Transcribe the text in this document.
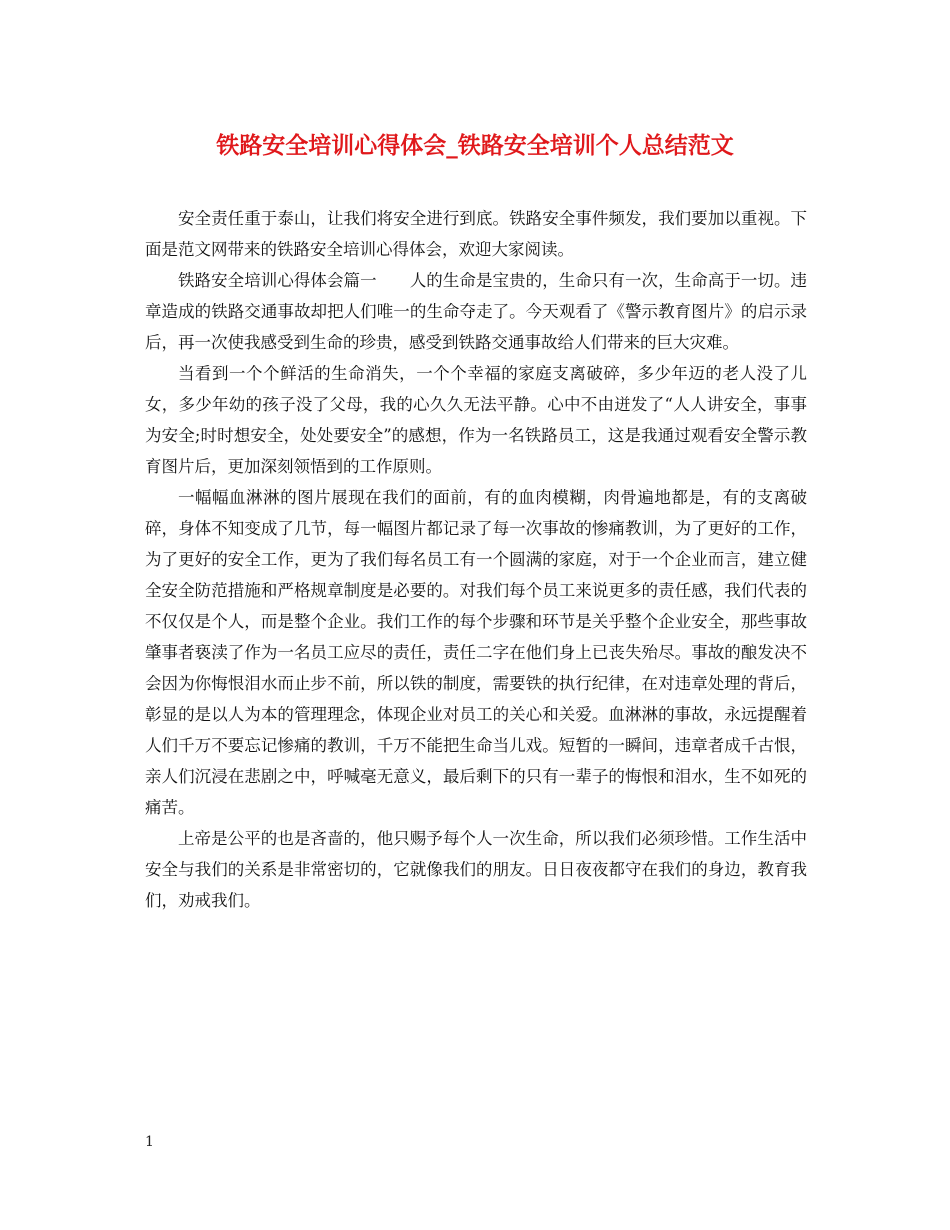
铁路安全培训心得体会_铁路安全培训个人总结范文

安全责任重于泰山，让我们将安全进行到底。铁路安全事件频发，我们要加以重视。下面是范文网带来的铁路安全培训心得体会，欢迎大家阅读。

铁路安全培训心得体会篇一　　人的生命是宝贵的，生命只有一次，生命高于一切。违章造成的铁路交通事故却把人们唯一的生命夺走了。今天观看了《警示教育图片》的启示录后，再一次使我感受到生命的珍贵，感受到铁路交通事故给人们带来的巨大灾难。

当看到一个个鲜活的生命消失，一个个幸福的家庭支离破碎，多少年迈的老人没了儿女，多少年幼的孩子没了父母，我的心久久无法平静。心中不由迸发了“人人讲安全，事事为安全;时时想安全，处处要安全”的感想，作为一名铁路员工，这是我通过观看安全警示教育图片后，更加深刻领悟到的工作原则。

一幅幅血淋淋的图片展现在我们的面前，有的血肉模糊，肉骨遍地都是，有的支离破碎，身体不知变成了几节，每一幅图片都记录了每一次事故的惨痛教训，为了更好的工作，为了更好的安全工作，更为了我们每名员工有一个圆满的家庭，对于一个企业而言，建立健全安全防范措施和严格规章制度是必要的。对我们每个员工来说更多的责任感，我们代表的不仅仅是个人，而是整个企业。我们工作的每个步骤和环节是关乎整个企业安全，那些事故肇事者亵渎了作为一名员工应尽的责任，责任二字在他们身上已丧失殆尽。事故的酿发决不会因为你悔恨泪水而止步不前，所以铁的制度，需要铁的执行纪律，在对违章处理的背后，彰显的是以人为本的管理理念，体现企业对员工的关心和关爱。血淋淋的事故，永远提醒着人们千万不要忘记惨痛的教训，千万不能把生命当儿戏。短暂的一瞬间，违章者成千古恨，亲人们沉浸在悲剧之中，呼喊毫无意义，最后剩下的只有一辈子的悔恨和泪水，生不如死的痛苦。

上帝是公平的也是吝啬的，他只赐予每个人一次生命，所以我们必须珍惜。工作生活中安全与我们的关系是非常密切的，它就像我们的朋友。日日夜夜都守在我们的身边，教育我们，劝戒我们。

1
